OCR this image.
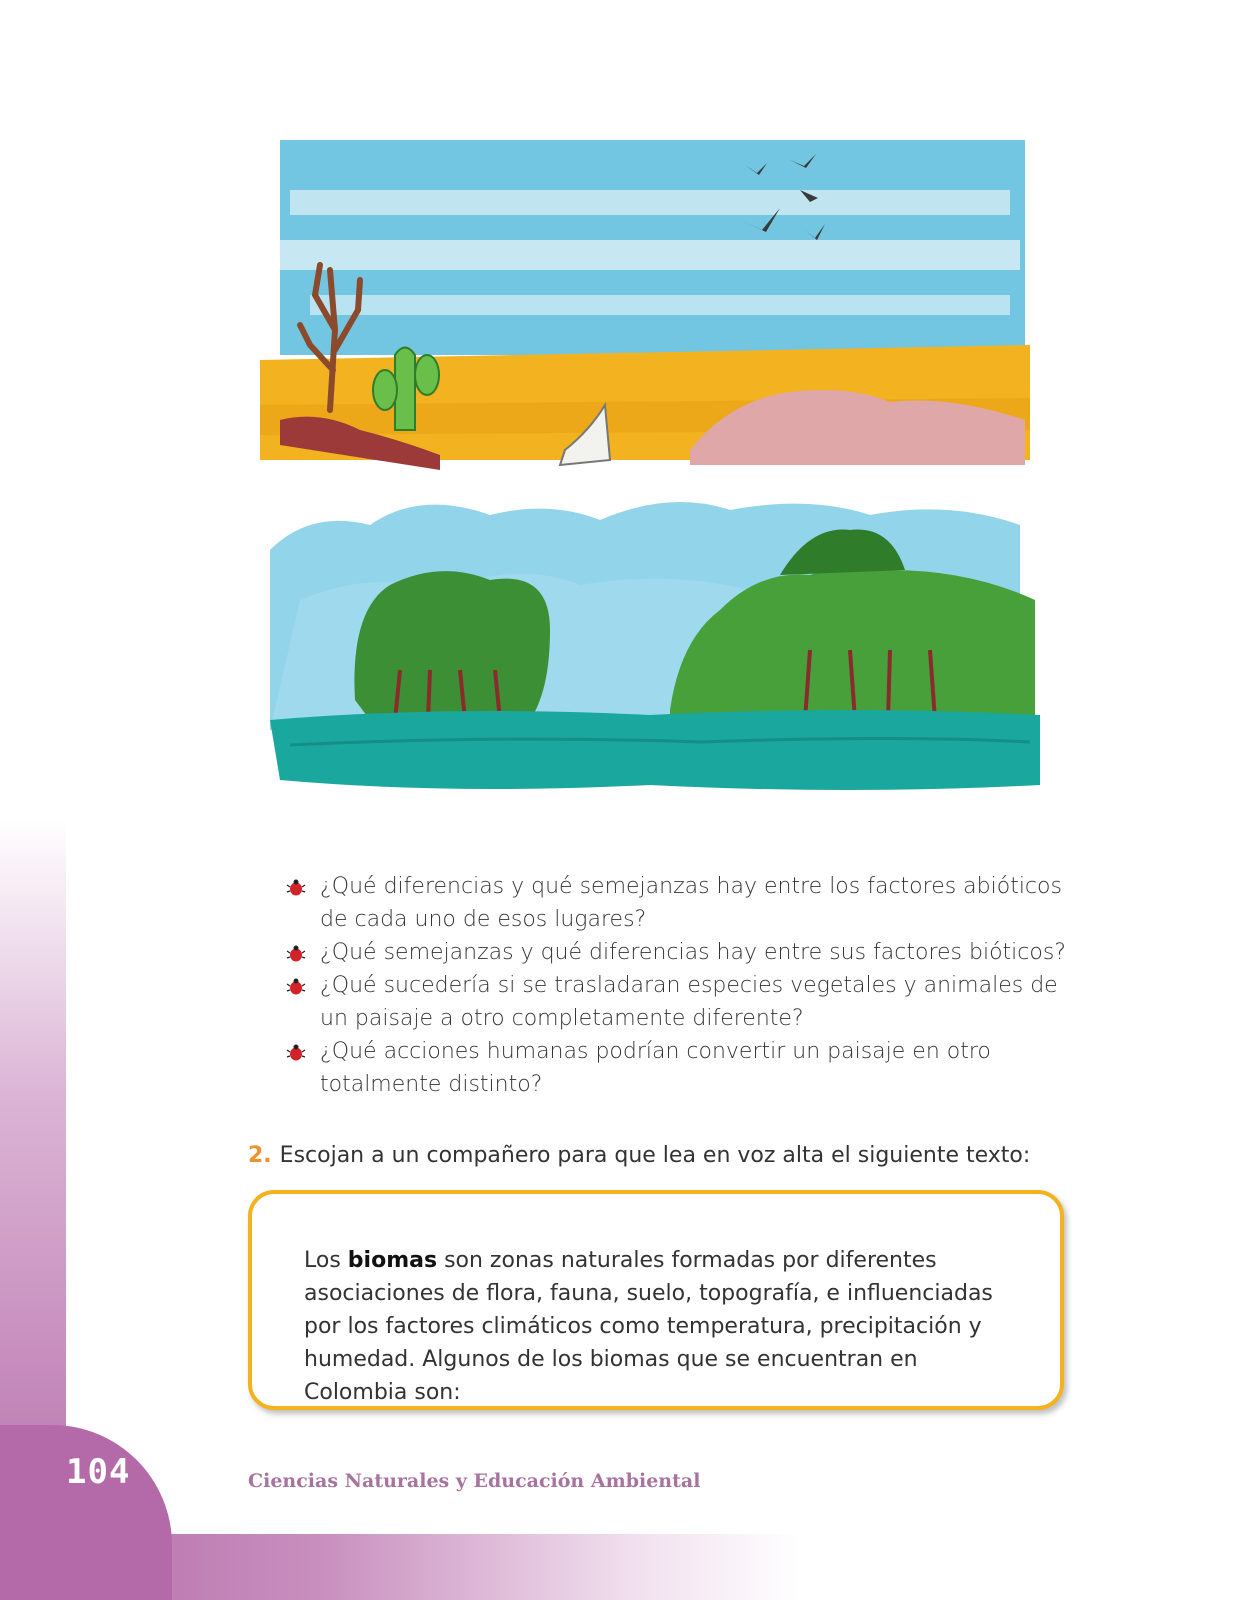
¿Qué diferencias y qué semejanzas hay entre los factores abióticos de cada uno de esos lugares?
¿Qué semejanzas y qué diferencias hay entre sus factores bióticos?
¿Qué sucedería si se trasladaran especies vegetales y animales de un paisaje a otro completamente diferente?
¿Qué acciones humanas podrían convertir un paisaje en otro totalmente distinto?
2. Escojan a un compañero para que lea en voz alta el siguiente texto:

Los biomas son zonas naturales formadas por diferentes asociaciones de flora, fauna, suelo, topografía, e influenciadas por los factores climáticos como temperatura, precipitación y humedad. Algunos de los biomas que se encuentran en Colombia son:

104	Ciencias Naturales y Educación Ambiental
